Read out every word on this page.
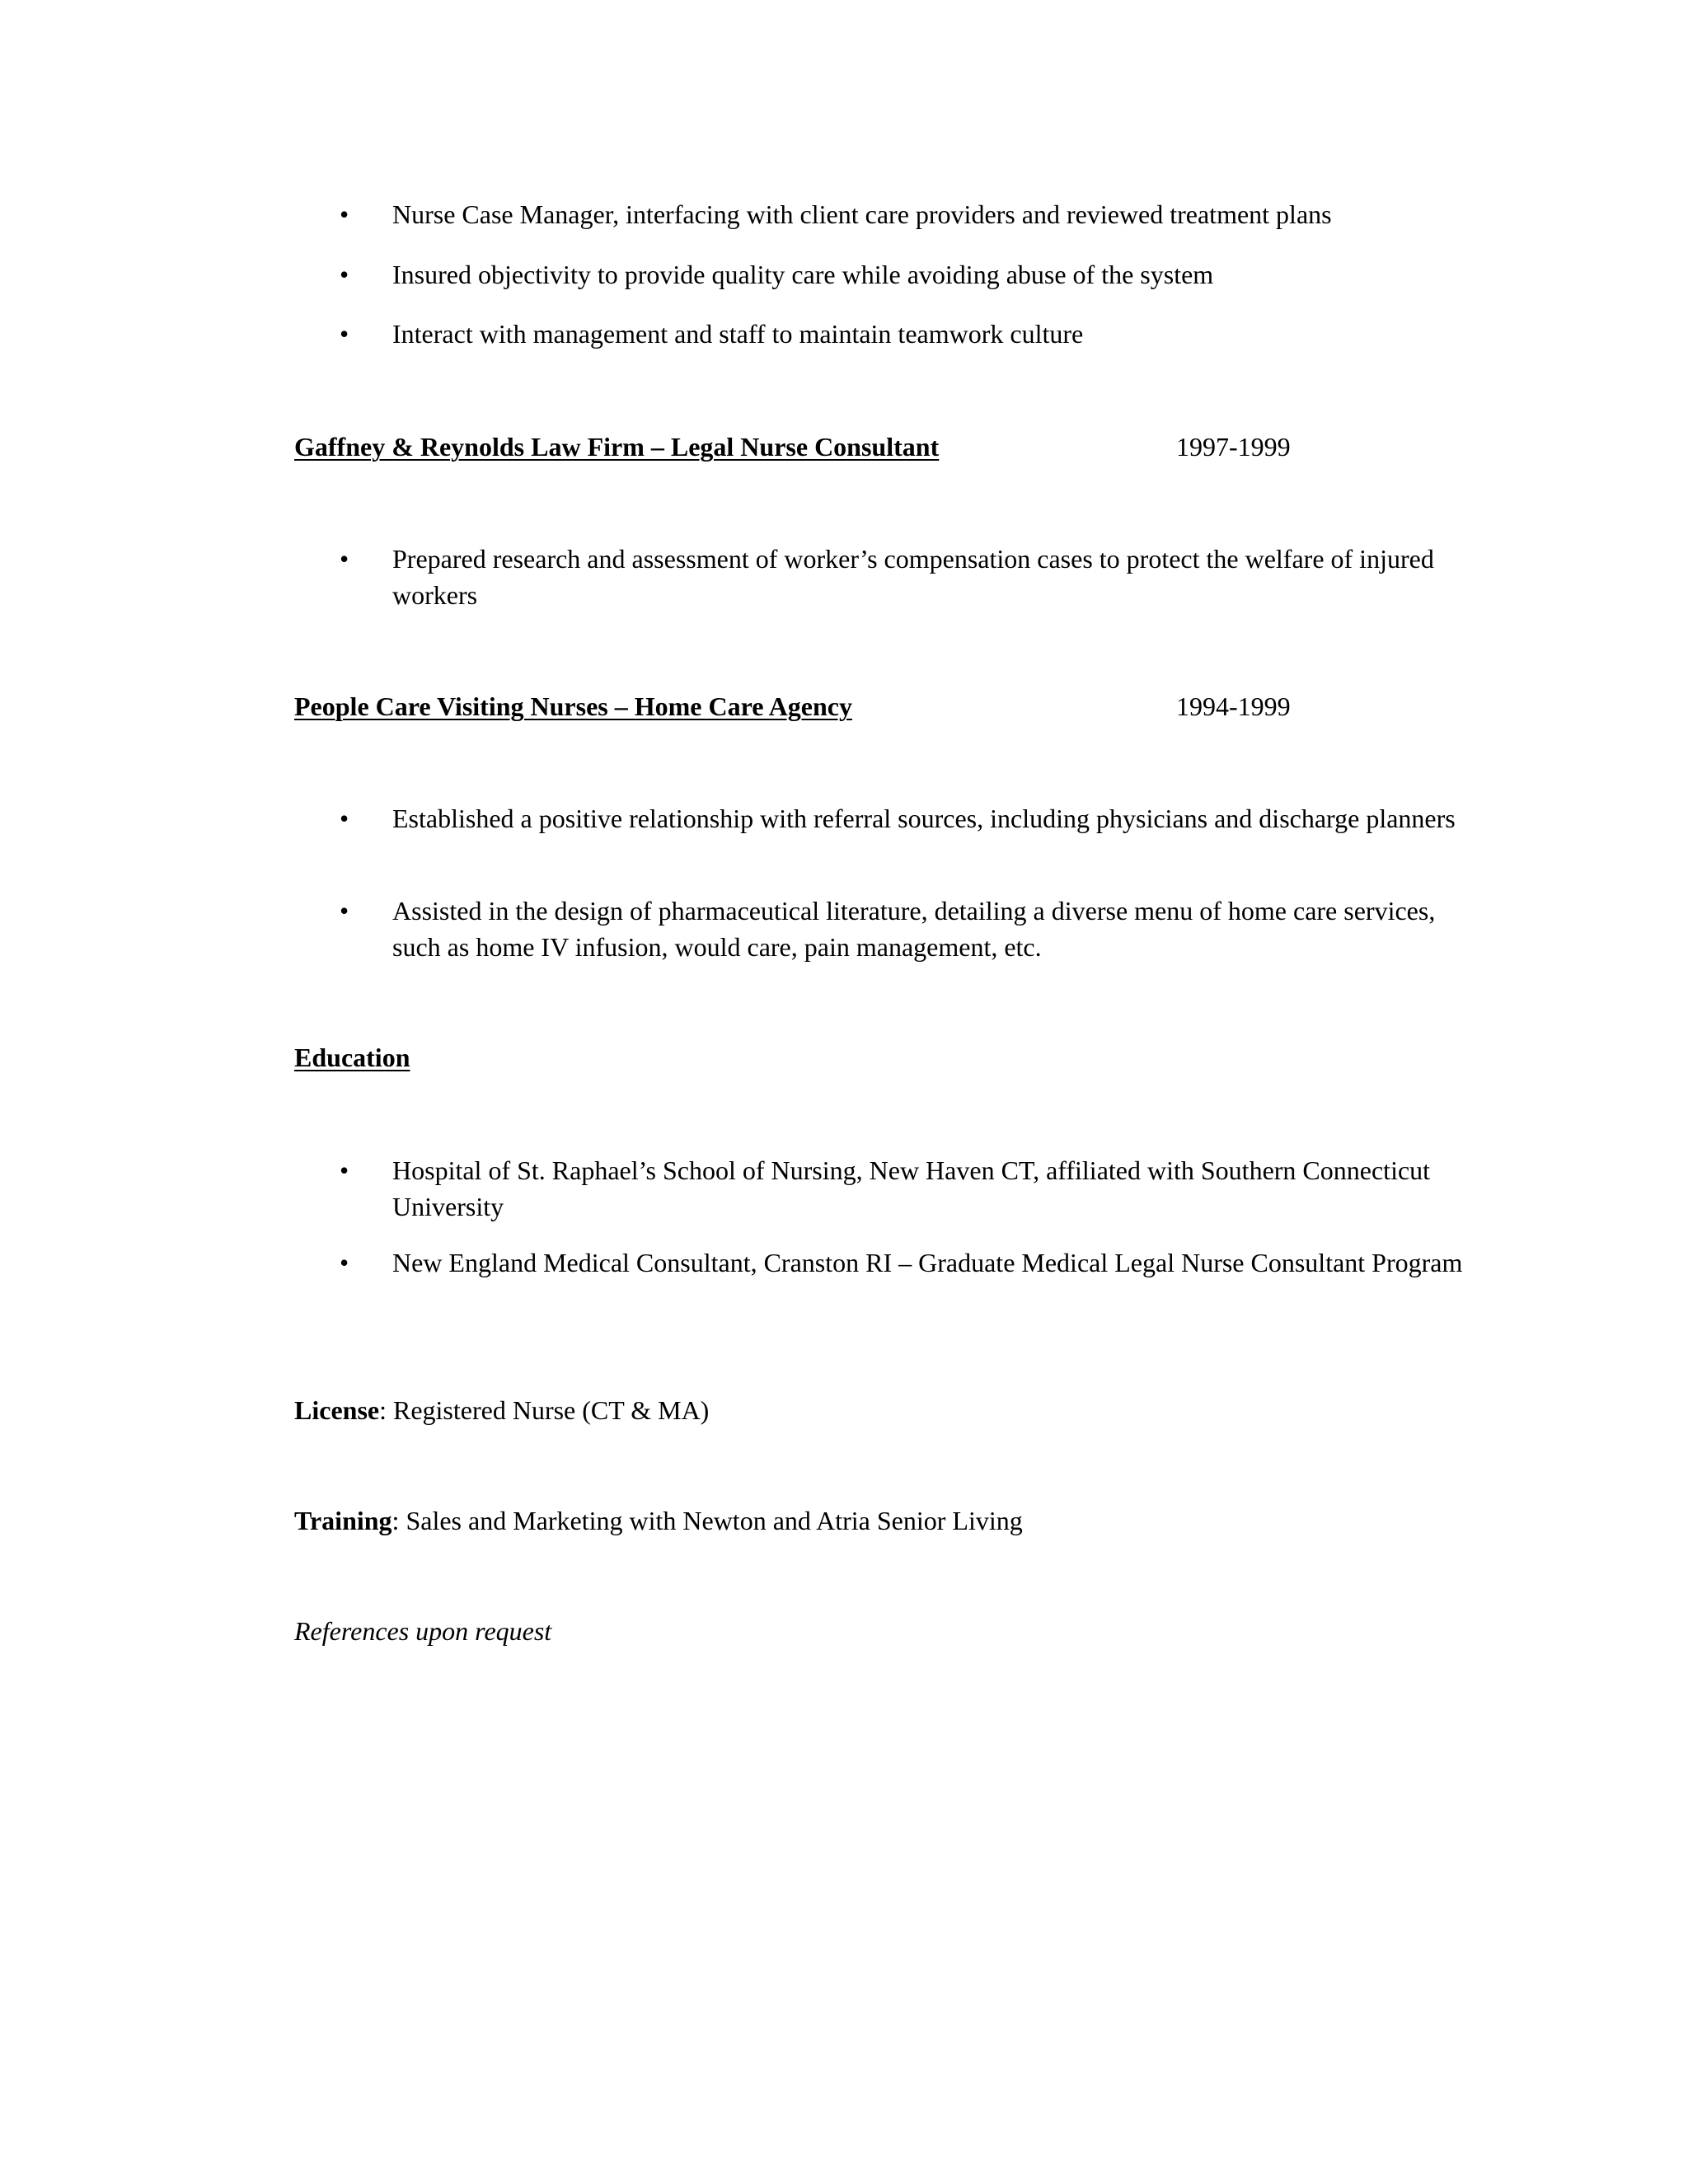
• Nurse Case Manager, interfacing with client care providers and reviewed treatment plans
• Insured objectivity to provide quality care while avoiding abuse of the system
• Interact with management and staff to maintain teamwork culture
Gaffney & Reynolds Law Firm – Legal Nurse Consultant	1997-1999
• Prepared research and assessment of worker’s compensation cases to protect the welfare of injured workers
People Care Visiting Nurses – Home Care Agency	1994-1999
• Established a positive relationship with referral sources, including physicians and discharge planners
• Assisted in the design of pharmaceutical literature, detailing a diverse menu of home care services, such as home IV infusion, would care, pain management, etc.
Education
• Hospital of St. Raphael’s School of Nursing, New Haven CT, affiliated with Southern Connecticut University
• New England Medical Consultant, Cranston RI – Graduate Medical Legal Nurse Consultant Program
License: Registered Nurse (CT & MA)
Training: Sales and Marketing with Newton and Atria Senior Living
References upon request
